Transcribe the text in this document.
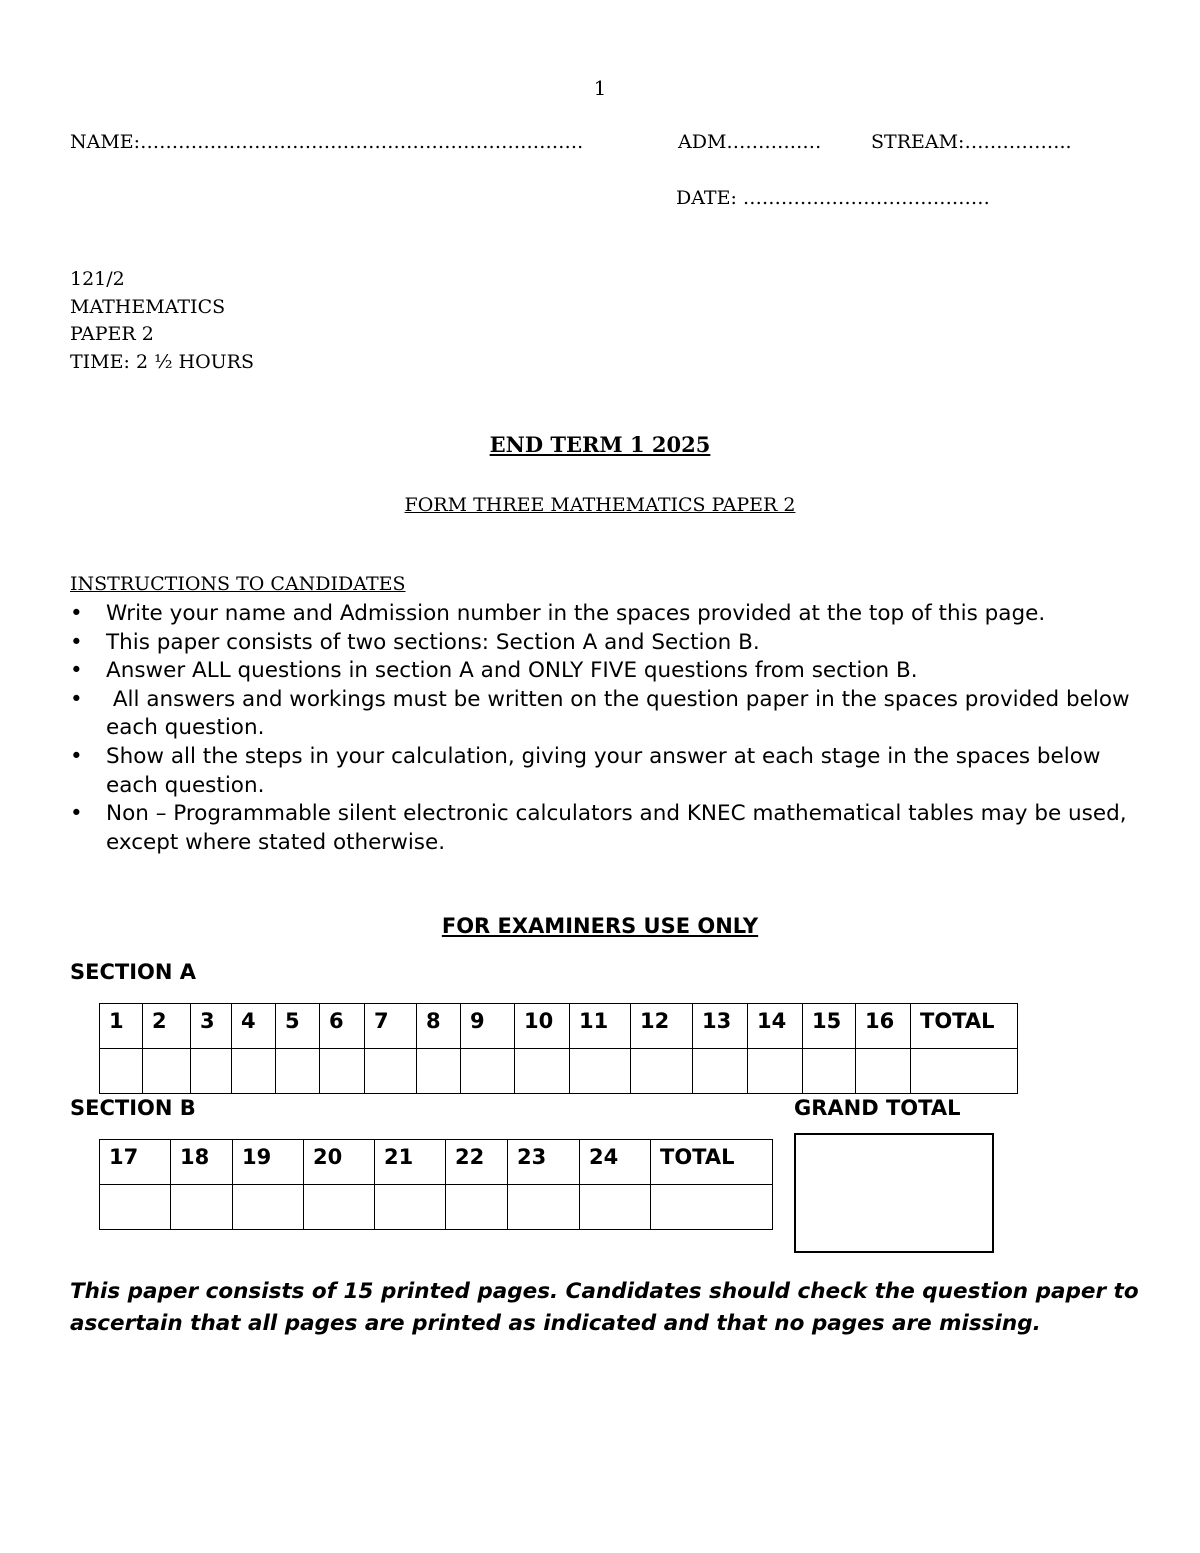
1
NAME:…………………………………………………………….	ADM……………	STREAM:……………..
DATE: …………………………………
121/2
MATHEMATICS
PAPER 2
TIME: 2 ½ HOURS
END TERM 1 2025
FORM THREE MATHEMATICS PAPER 2
INSTRUCTIONS TO CANDIDATES
• Write your name and Admission number in the spaces provided at the top of this page.
• This paper consists of two sections: Section A and Section B.
• Answer ALL questions in section A and ONLY FIVE questions from section B.
•  All answers and workings must be written on the question paper in the spaces provided below each question.
• Show all the steps in your calculation, giving your answer at each stage in the spaces below each question.
• Non – Programmable silent electronic calculators and KNEC mathematical tables may be used, except where stated otherwise.
FOR EXAMINERS USE ONLY
SECTION A
1	2	3	4	5	6	7	8	9	10	11	12	13	14	15	16	TOTAL

SECTION B	GRAND TOTAL
17	18	19	20	21	22	23	24	TOTAL

This paper consists of 15 printed pages. Candidates should check the question paper to ascertain that all pages are printed as indicated and that no pages are missing.
